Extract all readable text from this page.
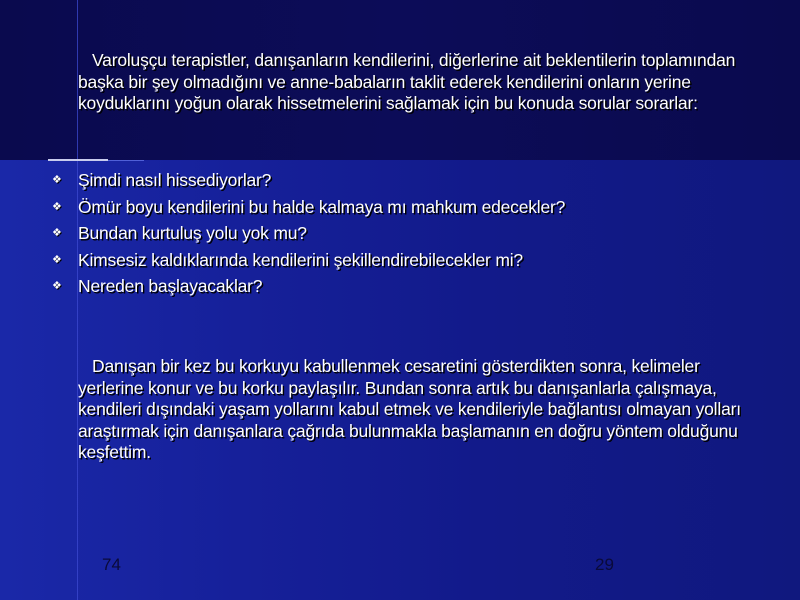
Varoluşçu terapistler, danışanların kendilerini, diğerlerine ait beklentilerin toplamından başka bir şey olmadığını ve anne-babaların taklit ederek kendilerini onların yerine koyduklarını yoğun olarak hissetmelerini sağlamak için bu konuda sorular sorarlar:

❖ Şimdi nasıl hissediyorlar?
❖ Ömür boyu kendilerini bu halde kalmaya mı mahkum edecekler?
❖ Bundan kurtuluş yolu yok mu?
❖ Kimsesiz kaldıklarında kendilerini şekillendirebilecekler mi?
❖ Nereden başlayacaklar?

Danışan bir kez bu korkuyu kabullenmek cesaretini gösterdikten sonra, kelimeler yerlerine konur ve bu korku paylaşılır. Bundan sonra artık bu danışanlarla çalışmaya, kendileri dışındaki yaşam yollarını kabul etmek ve kendileriyle bağlantısı olmayan yolları araştırmak için danışanlara çağrıda bulunmakla başlamanın en doğru yöntem olduğunu keşfettim.

74	29
